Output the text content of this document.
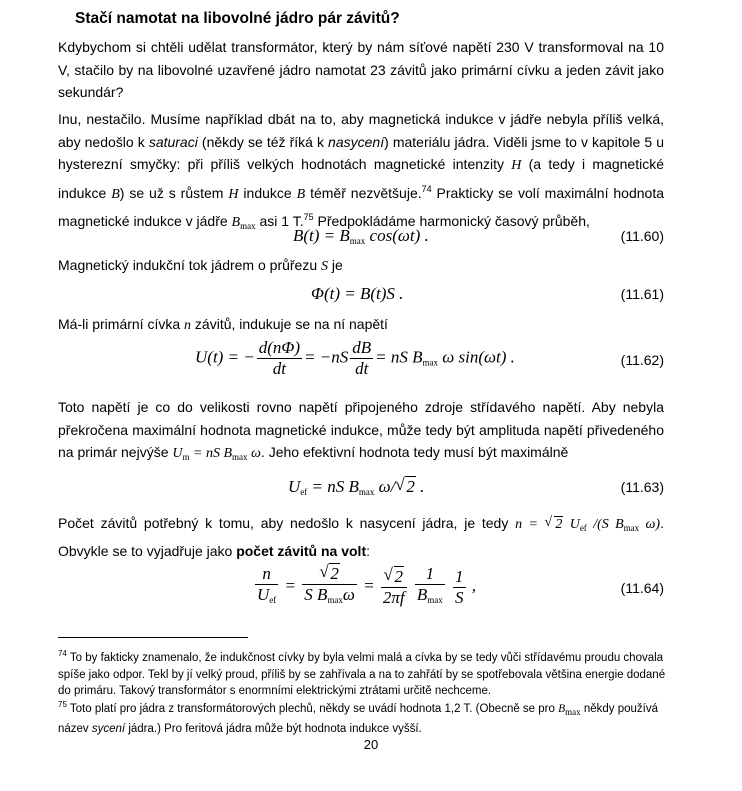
Stačí namotat na libovolné jádro pár závitů?
Kdybychom si chtěli udělat transformátor, který by nám síťové napětí 230 V transformoval na 10 V, stačilo by na libovolné uzavřené jádro namotat 23 závitů jako primární cívku a jeden závit jako sekundár?
Inu, nestačilo. Musíme například dbát na to, aby magnetická indukce v jádře nebyla příliš velká, aby nedošlo k saturaci (někdy se též říká k nasycení) materiálu jádra. Viděli jsme to v kapitole 5 u hysterezní smyčky: při příliš velkých hodnotách magnetické intenzity H (a tedy i magnetické indukce B) se už s růstem H indukce B téměř nezvětšuje.$^{74}$ Prakticky se volí maximální hodnota magnetické indukce v jádře $B_{max}$ asi 1 T.$^{75}$ Předpokládáme harmonický časový průběh,
$B(t) = B_{max}$ cos(ωt) .	(11.60)
Magnetický indukční tok jádrem o průřezu S je
Φ(t) = B(t)S .	(11.61)
Má-li primární cívka n závitů, indukuje se na ní napětí
U(t) = − $\frac{d(n\Phi)}{dt} = -nS \frac{dB}{dt}$ = nS $B_{max}$ ω sin(ωt) .	(11.62)
Toto napětí je co do velikosti rovno napětí připojeného zdroje střídavého napětí. Aby nebyla překročena maximální hodnota magnetické indukce, může tedy být amplituda napětí přivedeného na primár nejvýše $U_m$ = nS $B_{max}$ ω. Jeho efektivní hodnota tedy musí být maximálně
$U_{ef}$ = nS $B_{max}$ ω/ √ 2 .	(11.63)
Počet závitů potřebný k tomu, aby nedošlo k nasycení jádra, je tedy n = √ 2 $U_{ef}$ /(S $B_{max}$ ω). Obvykle se to vyjadřuje jako počet závitů na volt:
$\frac{n}{U_{ef}}$ = √ $\frac{2}{S B_{max}\omega}$ = √ $\frac{2}{2\pi f}$
$\frac{1}{B_{max}}$
$\frac{1}{S}$ ,	(11.64)
$^{74}$ To by fakticky znamenalo, že indukčnost cívky by byla velmi malá a cívka by se tedy vůči střídavému proudu chovala spíše jako odpor. Tekl by jí velký proud, příliš by se zahřívala a na to zahřátí by se spotřebovala většina energie dodané do primáru. Takový transformátor s enormními elektrickými ztrátami určitě nechceme.
$^{75}$ Toto platí pro jádra z transformátorových plechů, někdy se uvádí hodnota 1,2 T. (Obecně se pro $B_{max}$ někdy používá název sycení jádra.) Pro feritová jádra může být hodnota indukce vyšší.
20
